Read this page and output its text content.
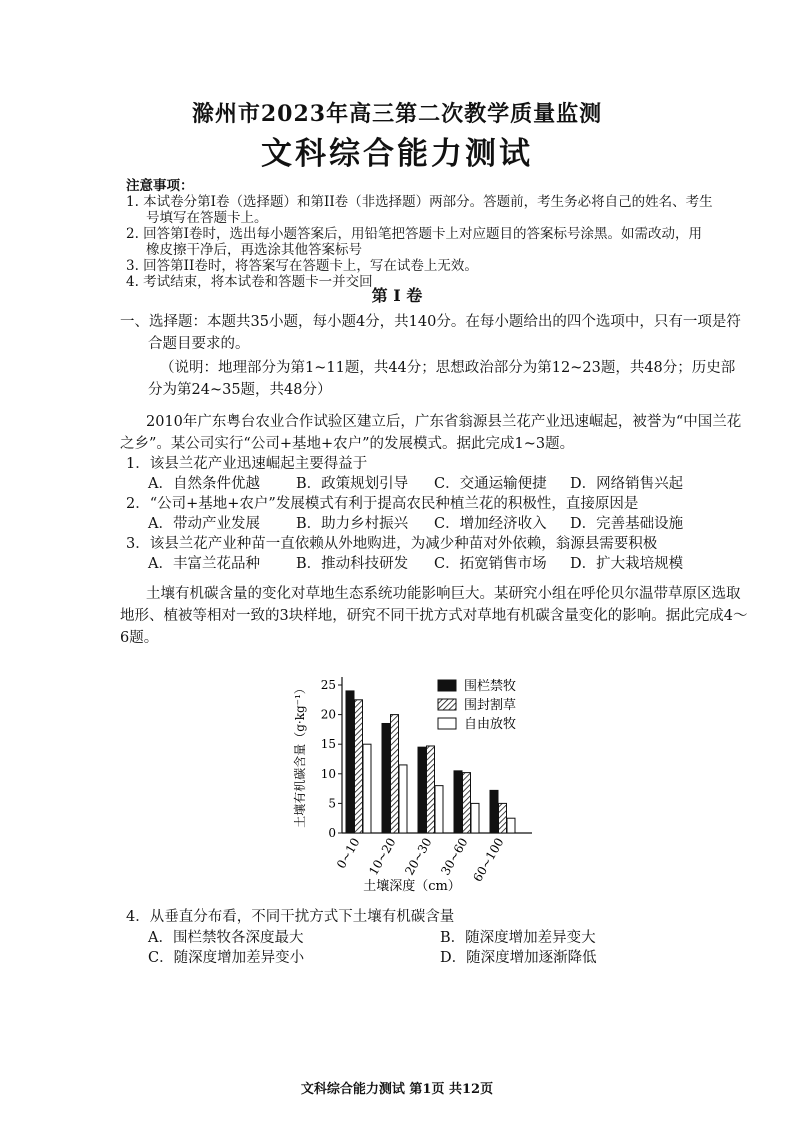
滁州市2023年高三第二次教学质量监测
文科综合能力测试
注意事项：
1. 本试卷分第I卷（选择题）和第II卷（非选择题）两部分。答题前，考生务必将自己的姓名、考生
号填写在答题卡上。
2. 回答第I卷时，选出每小题答案后，用铅笔把答题卡上对应题目的答案标号涂黑。如需改动，用
橡皮擦干净后，再选涂其他答案标号
3. 回答第II卷时，将答案写在答题卡上，写在试卷上无效。
4. 考试结束，将本试卷和答题卡一并交回
第 I 卷
一、选择题：本题共35小题，每小题4分，共140分。在每小题给出的四个选项中，只有一项是符
合题目要求的。
（说明：地理部分为第1~11题，共44分；思想政治部分为第12~23题，共48分；历史部
分为第24~35题，共48分）
2010年广东粤台农业合作试验区建立后，广东省翁源县兰花产业迅速崛起，被誉为“中国兰花
之乡”。某公司实行“公司+基地+农户”的发展模式。据此完成1~3题。
1．该县兰花产业迅速崛起主要得益于
A．自然条件优越 B．政策规划引导 C．交通运输便捷 D．网络销售兴起
2．“公司+基地+农户”发展模式有利于提高农民种植兰花的积极性，直接原因是
A．带动产业发展 B．助力乡村振兴 C．增加经济收入 D．完善基础设施
3．该县兰花产业种苗一直依赖从外地购进，为减少种苗对外依赖，翁源县需要积极
A．丰富兰花品种 B．推动科技研发 C．拓宽销售市场 D．扩大栽培规模
土壤有机碳含量的变化对草地生态系统功能影响巨大。某研究小组在呼伦贝尔温带草原区选取
地形、植被等相对一致的3块样地，研究不同干扰方式对草地有机碳含量变化的影响。据此完成4～
6题。
0
5
10
15
20
25
0~10 10~20 20~30 30~60 60~100
土壤有机碳含量（g·kg⁻¹）
土壤深度（cm）
围栏禁牧
围封割草
自由放牧
4．从垂直分布看，不同干扰方式下土壤有机碳含量
A．围栏禁牧各深度最大	B．随深度增加差异变大
C．随深度增加差异变小	D．随深度增加逐渐降低
文科综合能力测试 第1页 共12页
